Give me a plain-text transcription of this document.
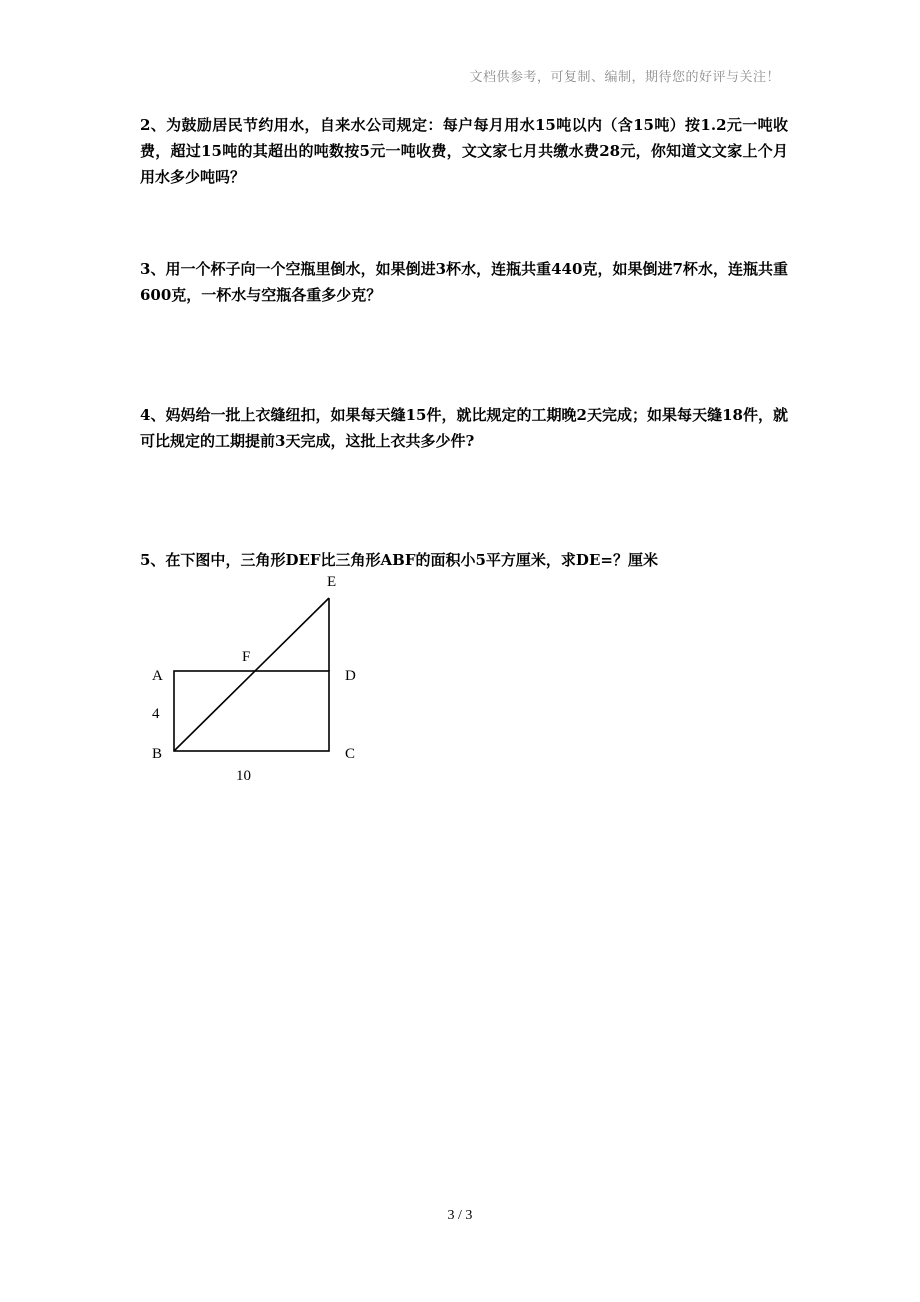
文档供参考，可复制、编制，期待您的好评与关注！
2、为鼓励居民节约用水，自来水公司规定：每户每月用水15吨以内（含15吨）按1.2元一吨收费，超过15吨的其超出的吨数按5元一吨收费，文文家七月共缴水费28元，你知道文文家上个月用水多少吨吗？
3、用一个杯子向一个空瓶里倒水，如果倒进3杯水，连瓶共重440克，如果倒进7杯水，连瓶共重600克，一杯水与空瓶各重多少克？
4、妈妈给一批上衣缝纽扣，如果每天缝15件，就比规定的工期晚2天完成；如果每天缝18件，就可比规定的工期提前3天完成，这批上衣共多少件?
5、在下图中，三角形DEF比三角形ABF的面积小5平方厘米，求DE=？厘米
E
F
A	D
4
B	C
10
3 / 3
